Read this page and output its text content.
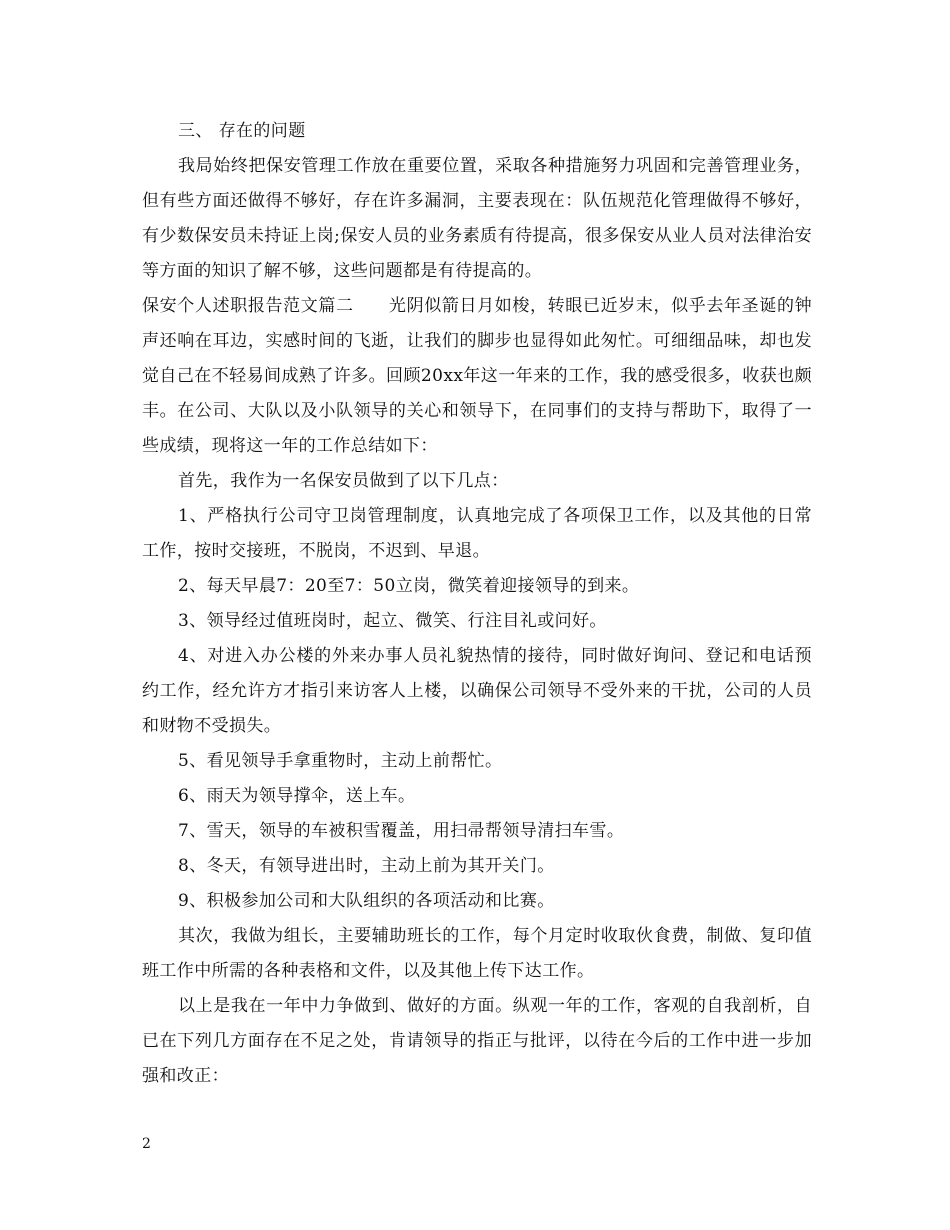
三、 存在的问题

我局始终把保安管理工作放在重要位置，采取各种措施努力巩固和完善管理业务，但有些方面还做得不够好，存在许多漏洞，主要表现在：队伍规范化管理做得不够好，有少数保安员未持证上岗;保安人员的业务素质有待提高，很多保安从业人员对法律治安等方面的知识了解不够，这些问题都是有待提高的。

保安个人述职报告范文篇二　　光阴似箭日月如梭，转眼已近岁末，似乎去年圣诞的钟声还响在耳边，实感时间的飞逝，让我们的脚步也显得如此匆忙。可细细品味，却也发觉自己在不轻易间成熟了许多。回顾20xx年这一年来的工作，我的感受很多，收获也颇丰。在公司、大队以及小队领导的关心和领导下，在同事们的支持与帮助下，取得了一些成绩，现将这一年的工作总结如下：

首先，我作为一名保安员做到了以下几点：

1、严格执行公司守卫岗管理制度，认真地完成了各项保卫工作，以及其他的日常工作，按时交接班，不脱岗，不迟到、早退。

2、每天早晨7：20至7：50立岗，微笑着迎接领导的到来。

3、领导经过值班岗时，起立、微笑、行注目礼或问好。

4、对进入办公楼的外来办事人员礼貌热情的接待，同时做好询问、登记和电话预约工作，经允许方才指引来访客人上楼，以确保公司领导不受外来的干扰，公司的人员和财物不受损失。

5、看见领导手拿重物时，主动上前帮忙。

6、雨天为领导撑伞，送上车。

7、雪天，领导的车被积雪覆盖，用扫帚帮领导清扫车雪。

8、冬天，有领导进出时，主动上前为其开关门。

9、积极参加公司和大队组织的各项活动和比赛。

其次，我做为组长，主要辅助班长的工作，每个月定时收取伙食费，制做、复印值班工作中所需的各种表格和文件，以及其他上传下达工作。

以上是我在一年中力争做到、做好的方面。纵观一年的工作，客观的自我剖析，自已在下列几方面存在不足之处，肯请领导的指正与批评，以待在今后的工作中进一步加强和改正：

2
